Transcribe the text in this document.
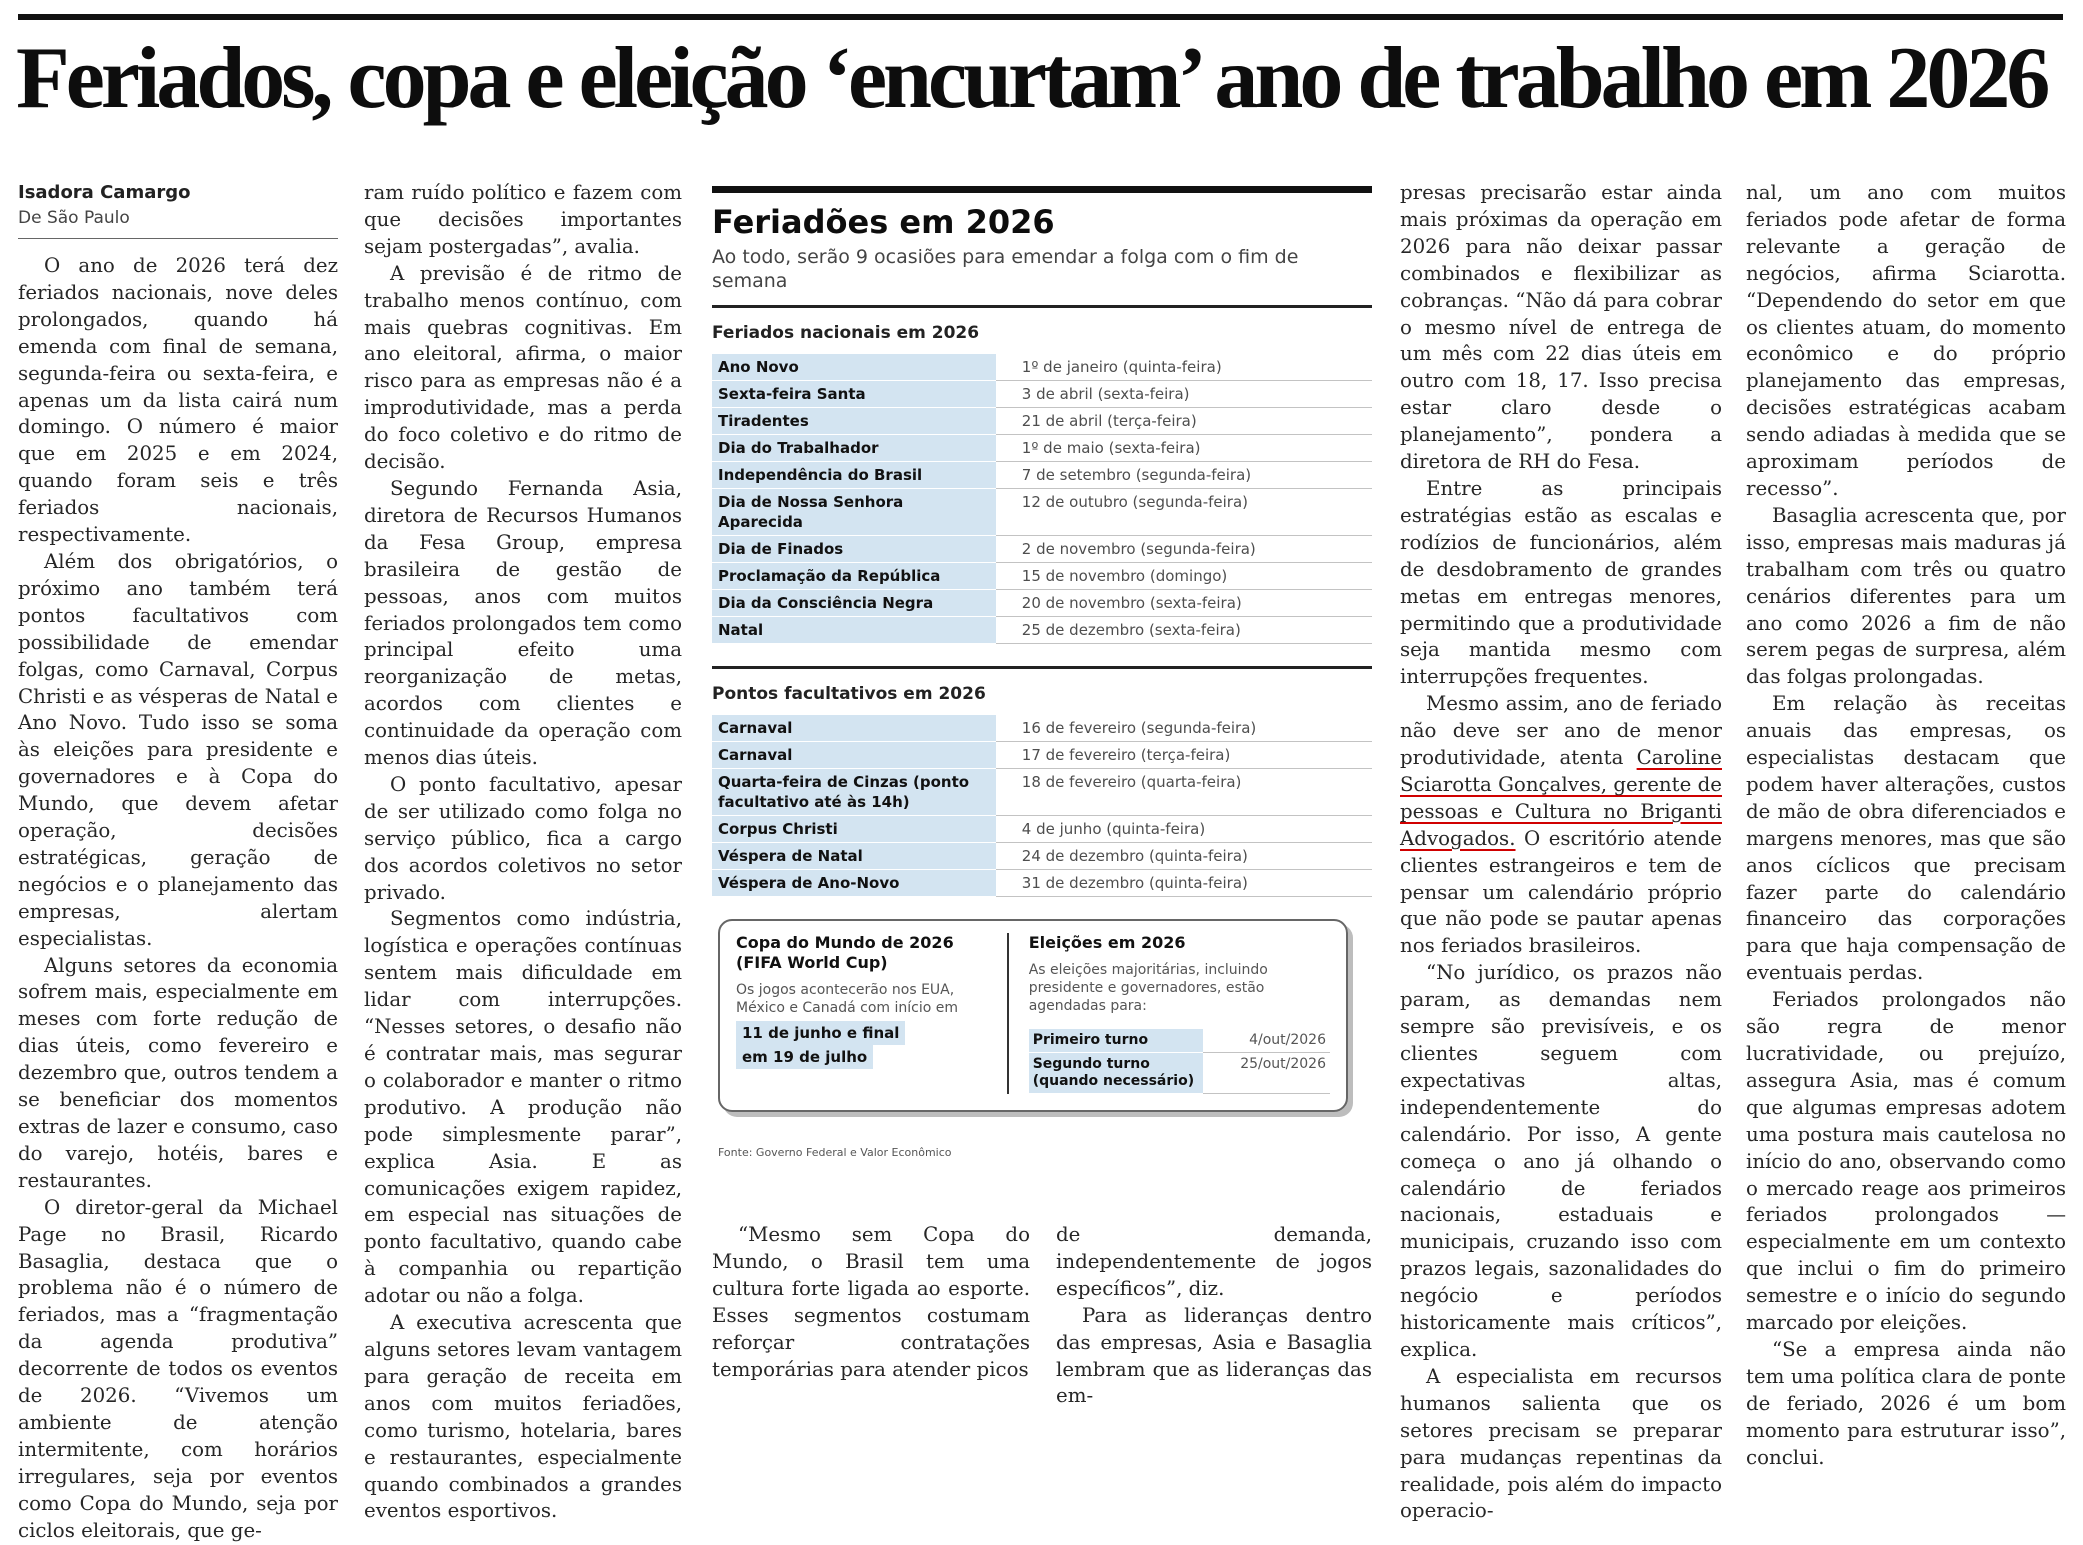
Feriados, copa e eleição ‘encurtam’ ano de trabalho em 2026
Isadora Camargo
De São Paulo

O ano de 2026 terá dez feriados nacionais, nove deles prolongados, quando há emenda com final de semana, segunda-feira ou sexta-feira, e apenas um da lista cairá num domingo. O número é maior que em 2025 e em 2024, quando foram seis e três feriados nacionais, respectivamente.

Além dos obrigatórios, o próximo ano também terá pontos facultativos com possibilidade de emendar folgas, como Carnaval, Corpus Christi e as vésperas de Natal e Ano Novo. Tudo isso se soma às eleições para presidente e governadores e à Copa do Mundo, que devem afetar operação, decisões estratégicas, geração de negócios e o planejamento das empresas, alertam especialistas.

Alguns setores da economia sofrem mais, especialmente em meses com forte redução de dias úteis, como fevereiro e dezembro que, outros tendem a se beneficiar dos momentos extras de lazer e consumo, caso do varejo, hotéis, bares e restaurantes.

O diretor-geral da Michael Page no Brasil, Ricardo Basaglia, destaca que o problema não é o número de feriados, mas a “fragmentação da agenda produtiva” decorrente de todos os eventos de 2026. “Vivemos um ambiente de atenção intermitente, com horários irregulares, seja por eventos como Copa do Mundo, seja por ciclos eleitorais, que ge-

ram ruído político e fazem com que decisões importantes sejam postergadas”, avalia.

A previsão é de ritmo de trabalho menos contínuo, com mais quebras cognitivas. Em ano eleitoral, afirma, o maior risco para as empresas não é a improdutividade, mas a perda do foco coletivo e do ritmo de decisão.

Segundo Fernanda Asia, diretora de Recursos Humanos da Fesa Group, empresa brasileira de gestão de pessoas, anos com muitos feriados prolongados tem como principal efeito uma reorganização de metas, acordos com clientes e continuidade da operação com menos dias úteis.

O ponto facultativo, apesar de ser utilizado como folga no serviço público, fica a cargo dos acordos coletivos no setor privado.

Segmentos como indústria, logística e operações contínuas sentem mais dificuldade em lidar com interrupções. “Nesses setores, o desafio não é contratar mais, mas segurar o colaborador e manter o ritmo produtivo. A produção não pode simplesmente parar”, explica Asia. E as comunicações exigem rapidez, em especial nas situações de ponto facultativo, quando cabe à companhia ou repartição adotar ou não a folga.

A executiva acrescenta que alguns setores levam vantagem para geração de receita em anos com muitos feriadões, como turismo, hotelaria, bares e restaurantes, especialmente quando combinados a grandes eventos esportivos.

Feriadões em 2026
Ao todo, serão 9 ocasiões para emendar a folga com o fim de semana
Feriados nacionais em 2026
Ano Novo	1º de janeiro (quinta-feira)
Sexta-feira Santa	3 de abril (sexta-feira)
Tiradentes	21 de abril (terça-feira)
Dia do Trabalhador	1º de maio (sexta-feira)
Independência do Brasil	7 de setembro (segunda-feira)
Dia de Nossa Senhora Aparecida	12 de outubro (segunda-feira)
Dia de Finados	2 de novembro (segunda-feira)
Proclamação da República	15 de novembro (domingo)
Dia da Consciência Negra	20 de novembro (sexta-feira)
Natal	25 de dezembro (sexta-feira)
Pontos facultativos em 2026
Carnaval	16 de fevereiro (segunda-feira)
Carnaval	17 de fevereiro (terça-feira)
Quarta-feira de Cinzas (ponto facultativo até às 14h)	18 de fevereiro (quarta-feira)
Corpus Christi	4 de junho (quinta-feira)
Véspera de Natal	24 de dezembro (quinta-feira)
Véspera de Ano-Novo	31 de dezembro (quinta-feira)
Copa do Mundo de 2026 (FIFA World Cup)
Os jogos acontecerão nos EUA, México e Canadá com início em
11 de junho e final
em 19 de julho
Eleições em 2026
As eleições majoritárias, incluindo presidente e governadores, estão agendadas para:
Primeiro turno	4/out/2026
Segundo turno (quando necessário)	25/out/2026
Fonte: Governo Federal e Valor Econômico

“Mesmo sem Copa do Mundo, o Brasil tem uma cultura forte ligada ao esporte. Esses segmentos costumam reforçar contratações temporárias para atender picos

de demanda, independentemente de jogos específicos”, diz.

Para as lideranças dentro das empresas, Asia e Basaglia lembram que as lideranças das em-

presas precisarão estar ainda mais próximas da operação em 2026 para não deixar passar combinados e flexibilizar as cobranças. “Não dá para cobrar o mesmo nível de entrega de um mês com 22 dias úteis em outro com 18, 17. Isso precisa estar claro desde o planejamento”, pondera a diretora de RH do Fesa.

Entre as principais estratégias estão as escalas e rodízios de funcionários, além de desdobramento de grandes metas em entregas menores, permitindo que a produtividade seja mantida mesmo com interrupções frequentes.

Mesmo assim, ano de feriado não deve ser ano de menor produtividade, atenta Caroline Sciarotta Gonçalves, gerente de pessoas e Cultura no Briganti Advogados. O escritório atende clientes estrangeiros e tem de pensar um calendário próprio que não pode se pautar apenas nos feriados brasileiros.

“No jurídico, os prazos não param, as demandas nem sempre são previsíveis, e os clientes seguem com expectativas altas, independentemente do calendário. Por isso, A gente começa o ano já olhando o calendário de feriados nacionais, estaduais e municipais, cruzando isso com prazos legais, sazonalidades do negócio e períodos historicamente mais críticos”, explica.

A especialista em recursos humanos salienta que os setores precisam se preparar para mudanças repentinas da realidade, pois além do impacto operacio-

nal, um ano com muitos feriados pode afetar de forma relevante a geração de negócios, afirma Sciarotta. “Dependendo do setor em que os clientes atuam, do momento econômico e do próprio planejamento das empresas, decisões estratégicas acabam sendo adiadas à medida que se aproximam períodos de recesso”.

Basaglia acrescenta que, por isso, empresas mais maduras já trabalham com três ou quatro cenários diferentes para um ano como 2026 a fim de não serem pegas de surpresa, além das folgas prolongadas.

Em relação às receitas anuais das empresas, os especialistas destacam que podem haver alterações, custos de mão de obra diferenciados e margens menores, mas que são anos cíclicos que precisam fazer parte do calendário financeiro das corporações para que haja compensação de eventuais perdas.

Feriados prolongados não são regra de menor lucratividade, ou prejuízo, assegura Asia, mas é comum que algumas empresas adotem uma postura mais cautelosa no início do ano, observando como o mercado reage aos primeiros feriados prolongados — especialmente em um contexto que inclui o fim do primeiro semestre e o início do segundo marcado por eleições.

“Se a empresa ainda não tem uma política clara de ponte de feriado, 2026 é um bom momento para estruturar isso”, conclui.
